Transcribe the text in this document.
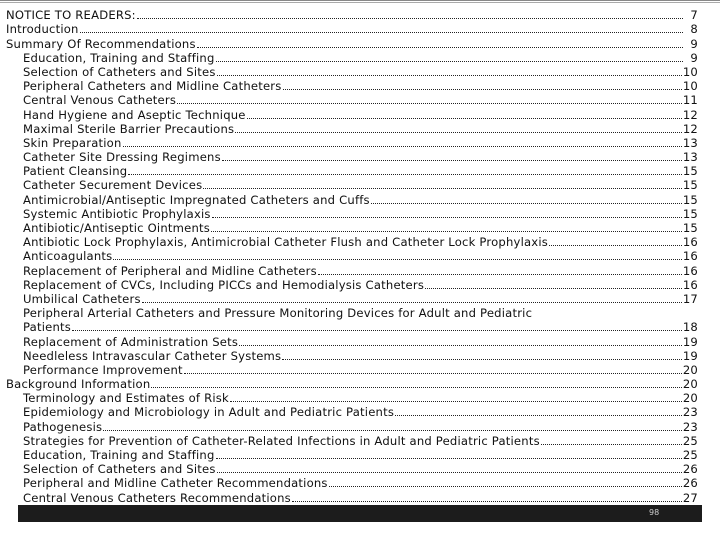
NOTICE TO READERS:	7
Introduction	8
Summary Of Recommendations	9
Education, Training and Staffing	9
Selection of Catheters and Sites	10
Peripheral Catheters and Midline Catheters	10
Central Venous Catheters	11
Hand Hygiene and Aseptic Technique	12
Maximal Sterile Barrier Precautions	12
Skin Preparation	13
Catheter Site Dressing Regimens	13
Patient Cleansing	15
Catheter Securement Devices	15
Antimicrobial/Antiseptic Impregnated Catheters and Cuffs	15
Systemic Antibiotic Prophylaxis	15
Antibiotic/Antiseptic Ointments	15
Antibiotic Lock Prophylaxis, Antimicrobial Catheter Flush and Catheter Lock Prophylaxis	16
Anticoagulants	16
Replacement of Peripheral and Midline Catheters	16
Replacement of CVCs, Including PICCs and Hemodialysis Catheters	16
Umbilical Catheters	17
Peripheral Arterial Catheters and Pressure Monitoring Devices for Adult and Pediatric
Patients	18
Replacement of Administration Sets	19
Needleless Intravascular Catheter Systems	19
Performance Improvement	20
Background Information	20
Terminology and Estimates of Risk	20
Epidemiology and Microbiology in Adult and Pediatric Patients	23
Pathogenesis	23
Strategies for Prevention of Catheter-Related Infections in Adult and Pediatric Patients	25
Education, Training and Staffing	25
Selection of Catheters and Sites	26
Peripheral and Midline Catheter Recommendations	26
Central Venous Catheters Recommendations	27
98
